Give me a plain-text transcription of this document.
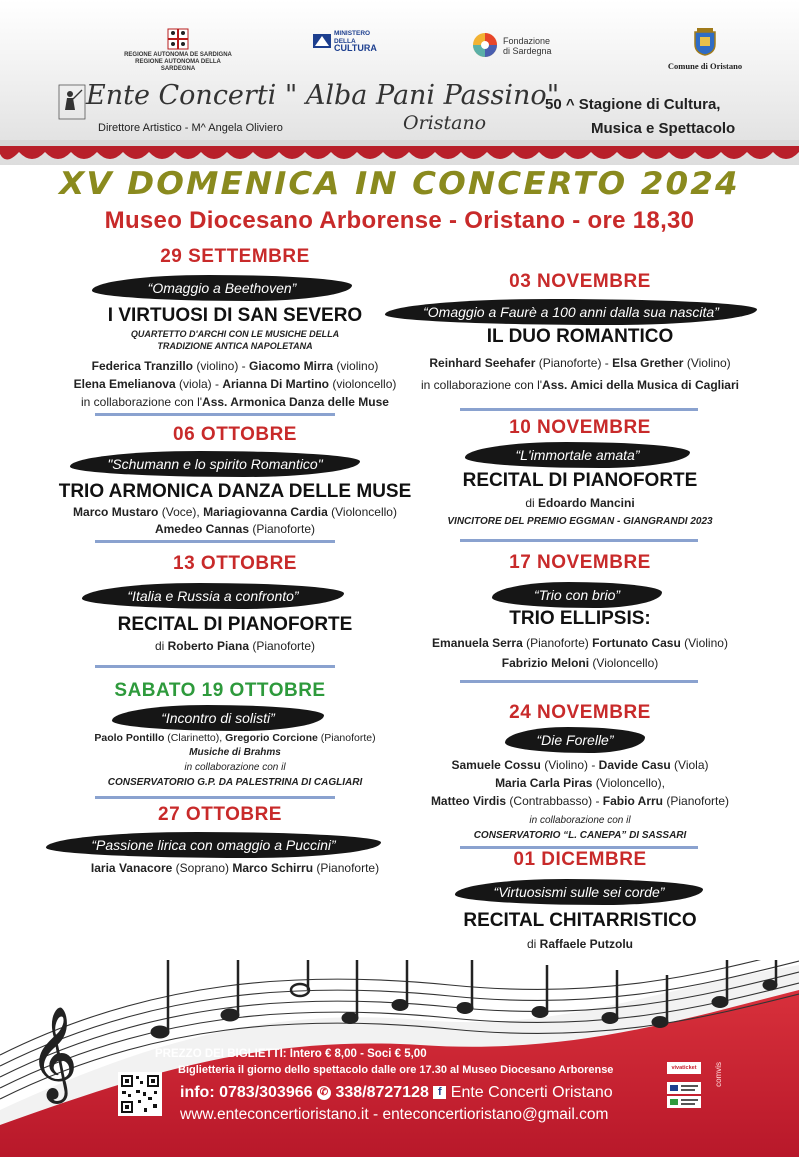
REGIONE AUTONOMA DE SARDIGNA
REGIONE AUTONOMA DELLA SARDEGNA
MINISTERO
DELLA
CULTURA
Fondazione
di Sardegna
Comune di Oristano
Ente Concerti " Alba Pani Passino"
Oristano
Direttore Artistico - M^ Angela Oliviero
50 ^ Stagione di Cultura,
Musica e Spettacolo
XV DOMENICA IN CONCERTO 2024
Museo Diocesano Arborense - Oristano - ore 18,30
29 SETTEMBRE
“Omaggio a Beethoven”
I VIRTUOSI DI SAN SEVERO
QUARTETTO D'ARCHI CON LE MUSICHE DELLA
TRADIZIONE ANTICA NAPOLETANA
Federica Tranzillo (violino) - Giacomo Mirra (violino)
Elena Emelianova (viola) - Arianna Di Martino (violoncello)
in collaborazione con l'Ass. Armonica Danza delle Muse
06 OTTOBRE
"Schumann e lo spirito Romantico"
TRIO ARMONICA DANZA DELLE MUSE
Marco Mustaro (Voce), Mariagiovanna Cardia (Violoncello)
Amedeo Cannas (Pianoforte)
13 OTTOBRE
“Italia e Russia a confronto”
RECITAL DI PIANOFORTE
di Roberto Piana (Pianoforte)
SABATO 19 OTTOBRE
“Incontro di solisti”
Paolo Pontillo (Clarinetto), Gregorio Corcione (Pianoforte)
Musiche di Brahms
in collaborazione con il
CONSERVATORIO G.P. DA PALESTRINA DI CAGLIARI
27 OTTOBRE
“Passione lirica con omaggio a Puccini”
Iaria Vanacore (Soprano) Marco Schirru (Pianoforte)
03 NOVEMBRE
“Omaggio a Faurè a 100 anni dalla sua nascita”
IL DUO ROMANTICO
Reinhard Seehafer (Pianoforte) - Elsa Grether (Violino)
in collaborazione con l'Ass. Amici della Musica di Cagliari
10 NOVEMBRE
“L'immortale amata”
RECITAL DI PIANOFORTE
di Edoardo Mancini
VINCITORE DEL PREMIO EGGMAN - GIANGRANDI 2023
17 NOVEMBRE
“Trio con brio”
TRIO ELLIPSIS:
Emanuela Serra (Pianoforte) Fortunato Casu (Violino)
Fabrizio Meloni (Violoncello)
24 NOVEMBRE
“Die Forelle”
Samuele Cossu (Violino) - Davide Casu (Viola)
Maria Carla Piras (Violoncello),
Matteo Virdis (Contrabbasso) - Fabio Arru (Pianoforte)
in collaborazione con il
CONSERVATORIO “L. CANEPA” DI SASSARI
01 DICEMBRE
“Virtuosismi sulle sei corde”
RECITAL CHITARRISTICO
di Raffaele Putzolu
𝄞	PREZZO DEI BIGLIETTI: Intero € 8,00 - Soci € 5,00
Biglietteria il giorno dello spettacolo dalle ore 17.30 al Museo Diocesano Arborense
info: 0783/303966 ✆ 338/8727128 f Ente Concerti Oristano
www.enteconcertioristano.it - enteconcertioristano@gmail.com
vivaticket	comvis
